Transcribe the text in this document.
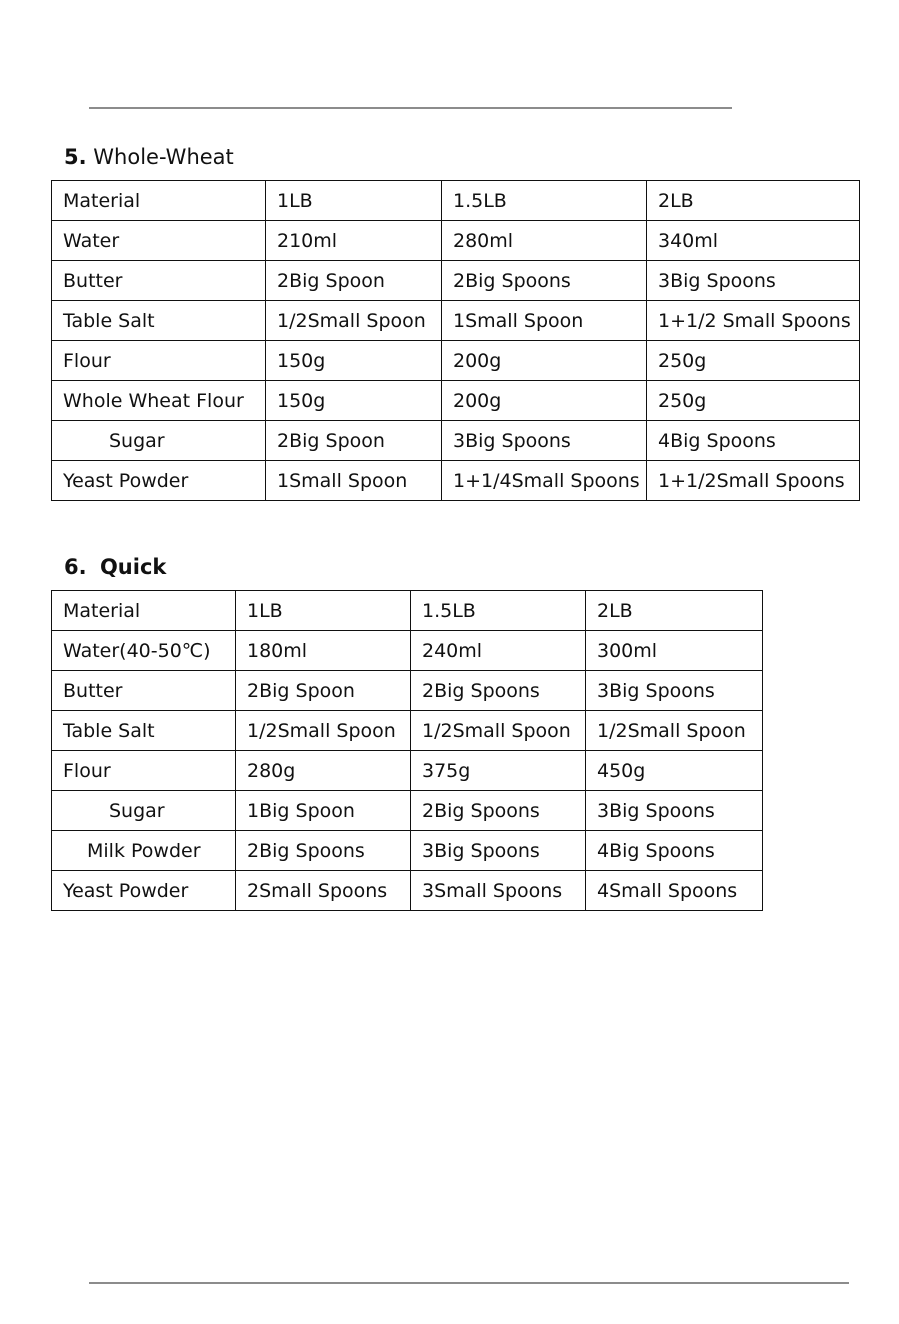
5. Whole-Wheat
Material	1LB	1.5LB	2LB
Water	210ml	280ml	340ml
Butter	2Big Spoon	2Big Spoons	3Big Spoons
Table Salt	1/2Small Spoon	1Small Spoon	1+1/2 Small Spoons
Flour	150g	200g	250g
Whole Wheat Flour	150g	200g	250g
Sugar	2Big Spoon	3Big Spoons	4Big Spoons
Yeast Powder	1Small Spoon	1+1/4Small Spoons	1+1/2Small Spoons
6. Quick
Material	1LB	1.5LB	2LB
Water(40-50℃)	180ml	240ml	300ml
Butter	2Big Spoon	2Big Spoons	3Big Spoons
Table Salt	1/2Small Spoon	1/2Small Spoon	1/2Small Spoon
Flour	280g	375g	450g
Sugar	1Big Spoon	2Big Spoons	3Big Spoons
Milk Powder	2Big Spoons	3Big Spoons	4Big Spoons
Yeast Powder	2Small Spoons	3Small Spoons	4Small Spoons
